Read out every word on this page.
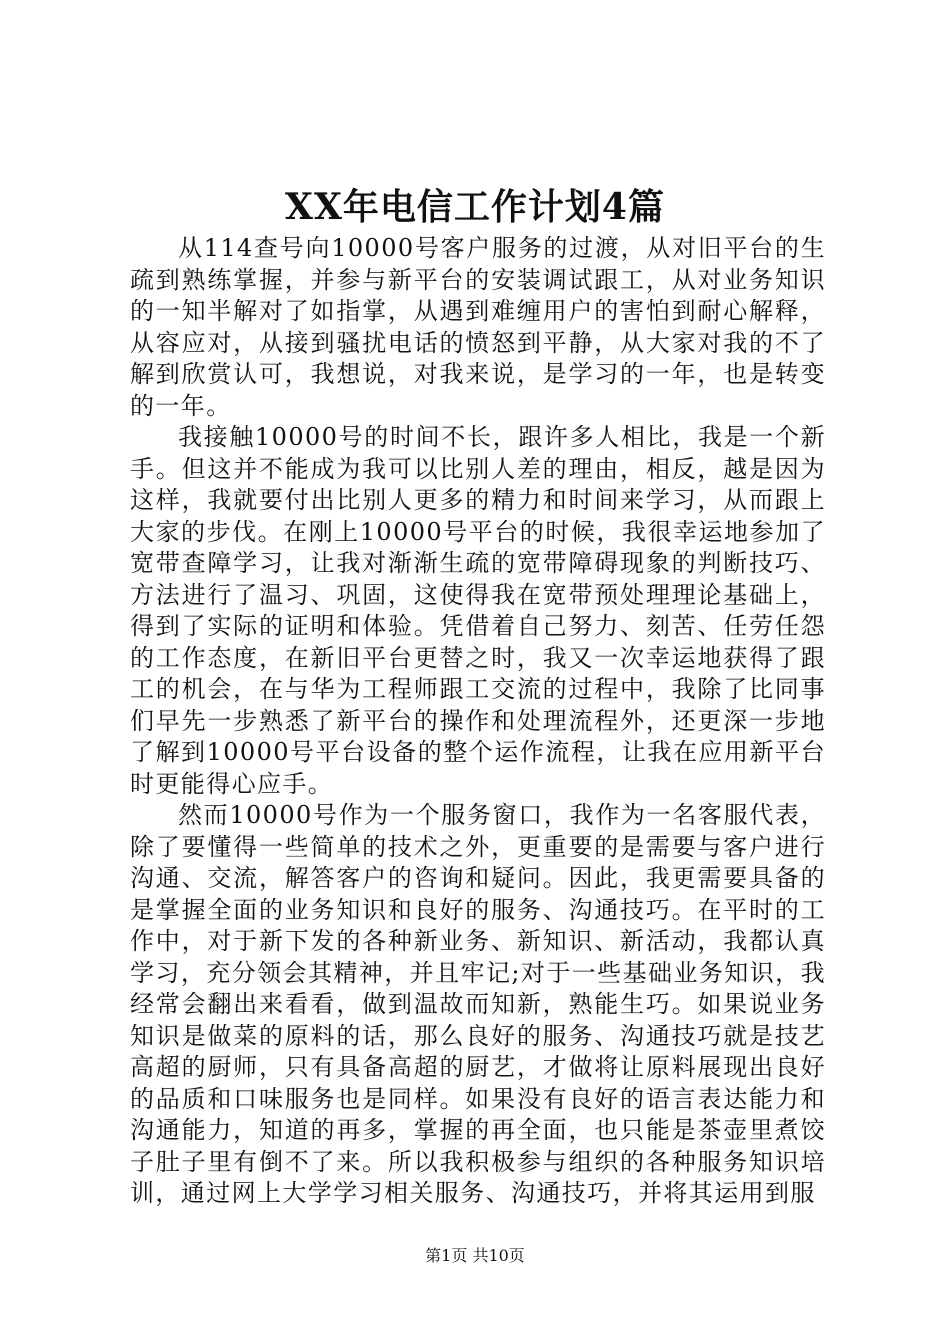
XX年电信工作计划4篇

从114查号向10000号客户服务的过渡，从对旧平台的生疏到熟练掌握，并参与新平台的安装调试跟工，从对业务知识的一知半解对了如指掌，从遇到难缠用户的害怕到耐心解释，从容应对，从接到骚扰电话的愤怒到平静，从大家对我的不了解到欣赏认可，我想说，对我来说，是学习的一年，也是转变的一年。

我接触10000号的时间不长，跟许多人相比，我是一个新手。但这并不能成为我可以比别人差的理由，相反，越是因为这样，我就要付出比别人更多的精力和时间来学习，从而跟上大家的步伐。在刚上10000号平台的时候，我很幸运地参加了宽带查障学习，让我对渐渐生疏的宽带障碍现象的判断技巧、方法进行了温习、巩固，这使得我在宽带预处理理论基础上，得到了实际的证明和体验。凭借着自己努力、刻苦、任劳任怨的工作态度，在新旧平台更替之时，我又一次幸运地获得了跟工的机会，在与华为工程师跟工交流的过程中，我除了比同事们早先一步熟悉了新平台的操作和处理流程外，还更深一步地了解到10000号平台设备的整个运作流程，让我在应用新平台时更能得心应手。

然而10000号作为一个服务窗口，我作为一名客服代表，除了要懂得一些简单的技术之外，更重要的是需要与客户进行沟通、交流，解答客户的咨询和疑问。因此，我更需要具备的是掌握全面的业务知识和良好的服务、沟通技巧。在平时的工作中，对于新下发的各种新业务、新知识、新活动，我都认真学习，充分领会其精神，并且牢记;对于一些基础业务知识，我经常会翻出来看看，做到温故而知新，熟能生巧。如果说业务知识是做菜的原料的话，那么良好的服务、沟通技巧就是技艺高超的厨师，只有具备高超的厨艺，才做将让原料展现出良好的品质和口味服务也是同样。如果没有良好的语言表达能力和沟通能力，知道的再多，掌握的再全面，也只能是茶壶里煮饺子肚子里有倒不了来。所以我积极参与组织的各种服务知识培训，通过网上大学学习相关服务、沟通技巧，并将其运用到服

第1页 共10页
